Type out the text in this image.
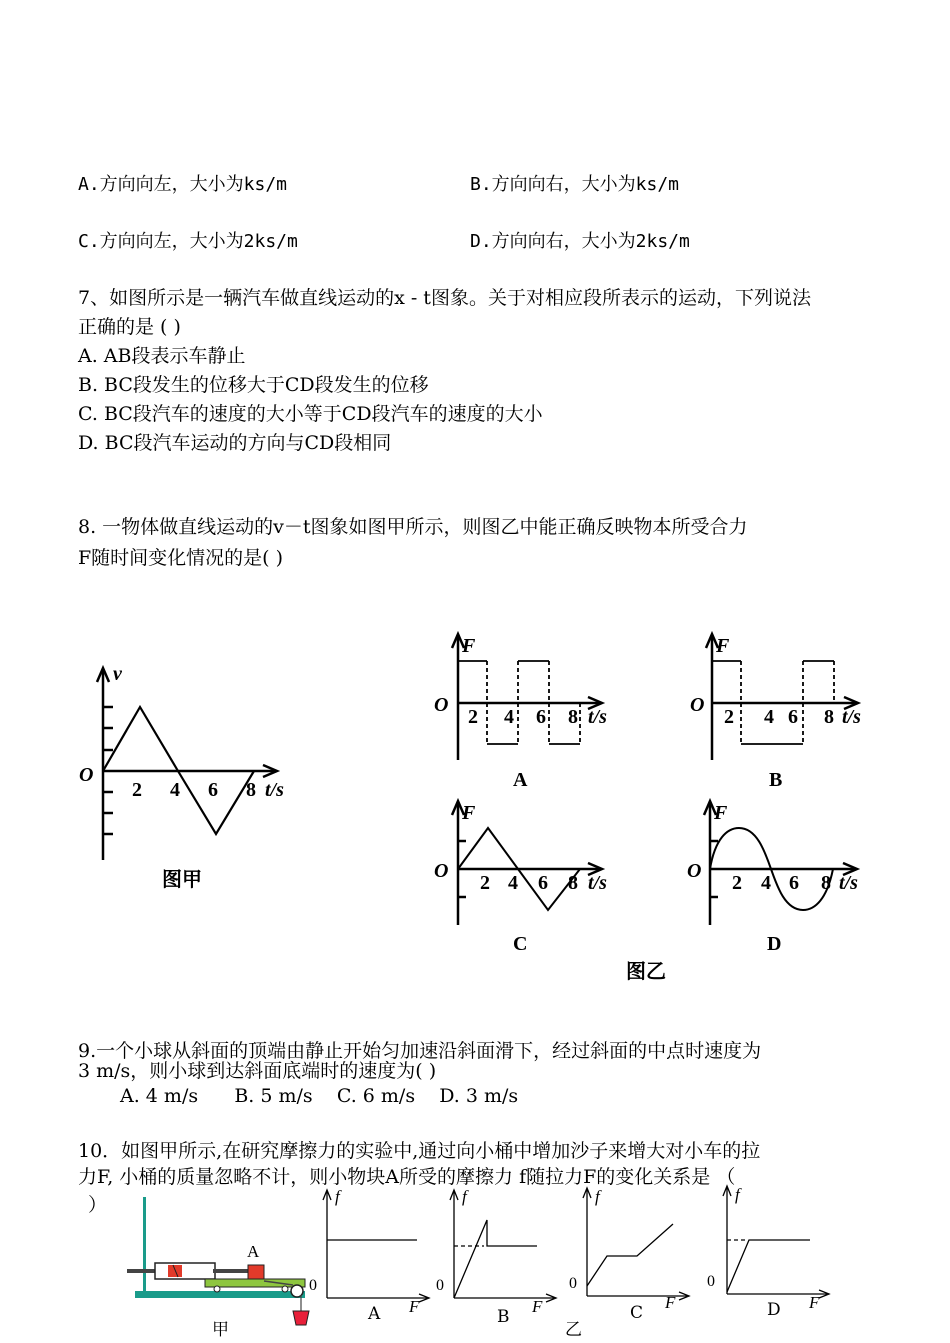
A.方向向左，大小为ks/m	B.方向向右，大小为ks/m
C.方向向左，大小为2ks/m	D.方向向右，大小为2ks/m
7、如图所示是一辆汽车做直线运动的x - t图象。关于对相应段所表示的运动，下列说法
正确的是 ( )
A. AB段表示车静止
B. BC段发生的位移大于CD段发生的位移
C. BC段汽车的速度的大小等于CD段汽车的速度的大小
D. BC段汽车运动的方向与CD段相同
8. 一物体做直线运动的v－t图象如图甲所示，则图乙中能正确反映物本所受合力
F随时间变化情况的是( )
v
O
2 4 6 8 t/s
图甲
F
O
2 4 6 8 t/s
A
F
O
2 4 6 8 t/s
B
F
O
2 4 6 8 t/s
C
F
O
2 4 6 8 t/s
D
图乙
9.一个小球从斜面的顶端由静止开始匀加速沿斜面滑下，经过斜面的中点时速度为
3 m/s，则小球到达斜面底端时的速度为( )
A. 4 m/s      B. 5 m/s    C. 6 m/s    D. 3 m/s
10．如图甲所示,在研究摩擦力的实验中,通过向小桶中增加沙子来增大对小车的拉
力F, 小桶的质量忽略不计，则小物块A所受的摩擦力 f随拉力F的变化关系是 （
）
A
甲
f
0
F
A
f
0
F
B
f
0
F
C
f
0
F
D
乙
